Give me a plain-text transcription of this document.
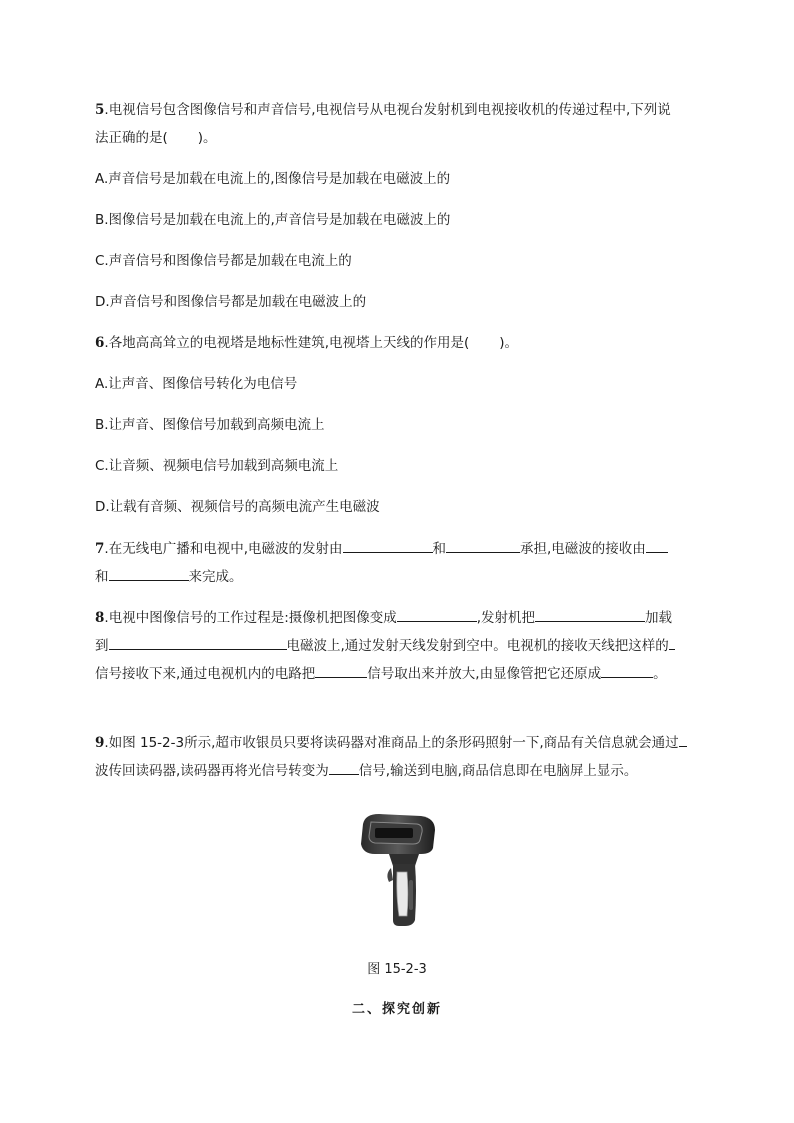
5.电视信号包含图像信号和声音信号,电视信号从电视台发射机到电视接收机的传递过程中,下列说
法正确的是( )。
A.声音信号是加载在电流上的,图像信号是加载在电磁波上的
B.图像信号是加载在电流上的,声音信号是加载在电磁波上的
C.声音信号和图像信号都是加载在电流上的
D.声音信号和图像信号都是加载在电磁波上的
6.各地高高耸立的电视塔是地标性建筑,电视塔上天线的作用是( )。
A.让声音、图像信号转化为电信号
B.让声音、图像信号加载到高频电流上
C.让音频、视频电信号加载到高频电流上
D.让载有音频、视频信号的高频电流产生电磁波
7.在无线电广播和电视中,电磁波的发射由	和	承担,电磁波的接收由
和	来完成。
8.电视中图像信号的工作过程是:摄像机把图像变成	,发射机把	加载
到	电磁波上,通过发射天线发射到空中。电视机的接收天线把这样的
信号接收下来,通过电视机内的电路把	信号取出来并放大,由显像管把它还原成	。
9.如图 15-2-3所示,超市收银员只要将读码器对准商品上的条形码照射一下,商品有关信息就会通过
波传回读码器,读码器再将光信号转变为 信号,输送到电脑,商品信息即在电脑屏上显示。
图 15-2-3
二、探究创新
